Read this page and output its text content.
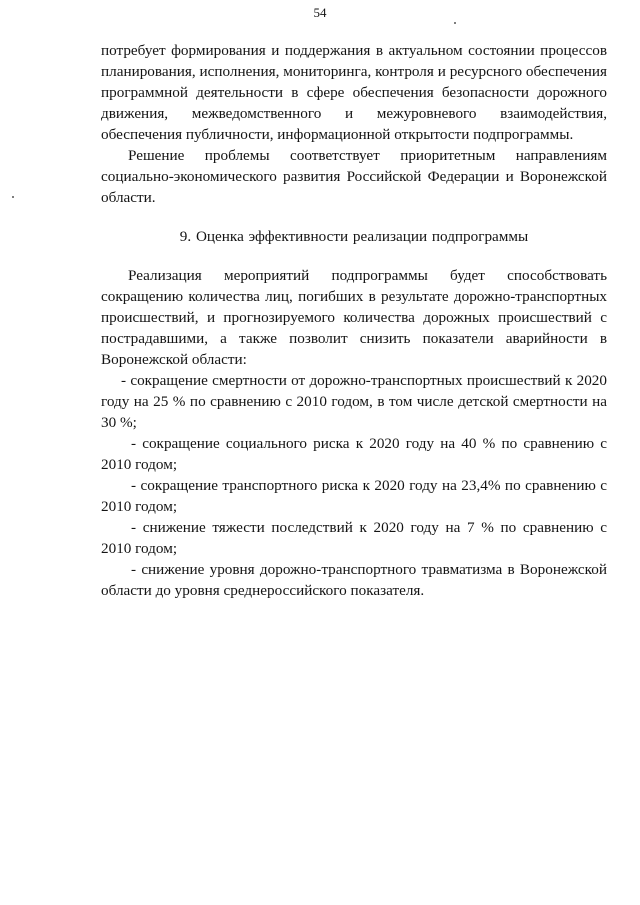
54

потребует формирования и поддержания в актуальном состоянии процессов планирования, исполнения, мониторинга, контроля и ресурсного обеспечения программной деятельности в сфере обеспечения безопасности дорожного движения, межведомственного и межуровневого взаимодействия, обеспечения публичности, информационной открытости подпрограммы.

Решение проблемы соответствует приоритетным направлениям социально-экономического развития Российской Федерации и Воронежской области.

9. Оценка эффективности реализации подпрограммы

Реализация мероприятий подпрограммы будет способствовать сокращению количества лиц, погибших в результате дорожно-транспортных происшествий, и прогнозируемого количества дорожных происшествий с пострадавшими, а также позволит снизить показатели аварийности в Воронежской области:

- сокращение смертности от дорожно-транспортных происшествий к 2020 году на 25 % по сравнению с 2010 годом, в том числе детской смертности на 30 %;

- сокращение социального риска к 2020 году на 40 % по сравнению с 2010 годом;

- сокращение транспортного риска к 2020 году на 23,4% по сравнению с 2010 годом;

- снижение тяжести последствий к 2020 году на 7 % по сравнению с 2010 годом;

- снижение уровня дорожно-транспортного травматизма в Воронежской области до уровня среднероссийского показателя.
